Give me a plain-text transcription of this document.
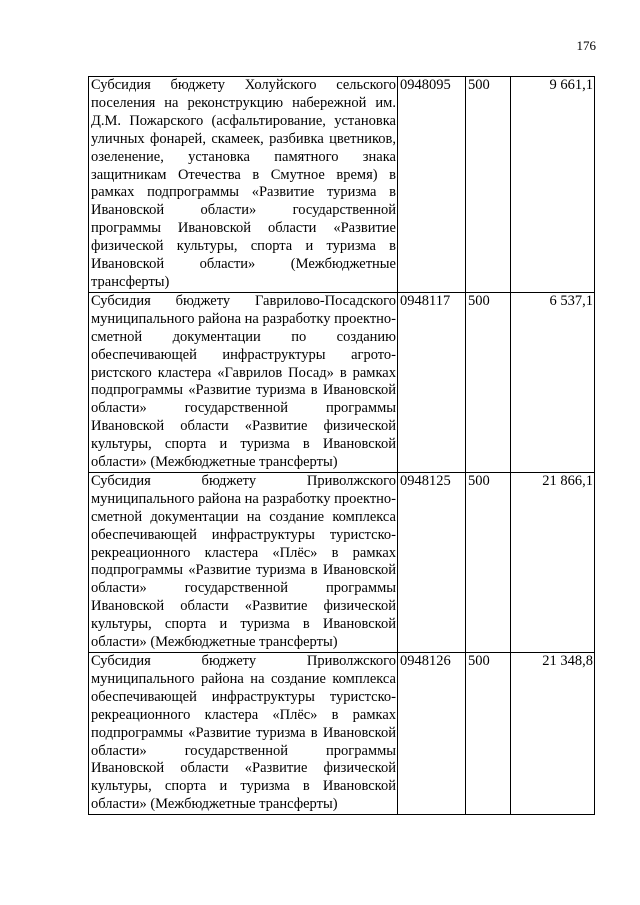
176
Субсидия бюджету Холуйского сельского поселения на реконструкцию набережной им. Д.М. Пожарского (асфальтирование, установка уличных фонарей, скамеек, разбивка цветников, озеленение, установка памятного знака защитникам Отечества в Смутное время) в рамках подпрограммы «Развитие туризма в Ивановской области» государственной программы Ивановской области «Развитие физической культуры, спорта и туризма в Ивановской области» (Межбюджетные трансферты)	0948095	500	9 661,1
Субсидия бюджету Гаврилово-Посадского муниципального района на разработку проектно-сметной документации по созданию обеспечивающей инфраструктуры агротористского кластера «Гаврилов Посад» в рамках подпрограммы «Развитие туризма в Ивановской области» государственной программы Ивановской области «Развитие физической культуры, спорта и туризма в Ивановской области» (Межбюджетные трансферты)	0948117	500	6 537,1
Субсидия бюджету Приволжского муниципального района на разработку проектно-сметной документации на создание комплекса обеспечивающей инфраструктуры туристско-рекреационного кластера «Плёс» в рамках подпрограммы «Развитие туризма в Ивановской области» государственной программы Ивановской области «Развитие физической культуры, спорта и туризма в Ивановской области» (Межбюджетные трансферты)	0948125	500	21 866,1
Субсидия бюджету Приволжского муниципального района на создание комплекса обеспечивающей инфраструктуры туристско-рекреационного кластера «Плёс» в рамках подпрограммы «Развитие туризма в Ивановской области» государственной программы Ивановской области «Развитие физической культуры, спорта и туризма в Ивановской области» (Межбюджетные трансферты)	0948126	500	21 348,8
